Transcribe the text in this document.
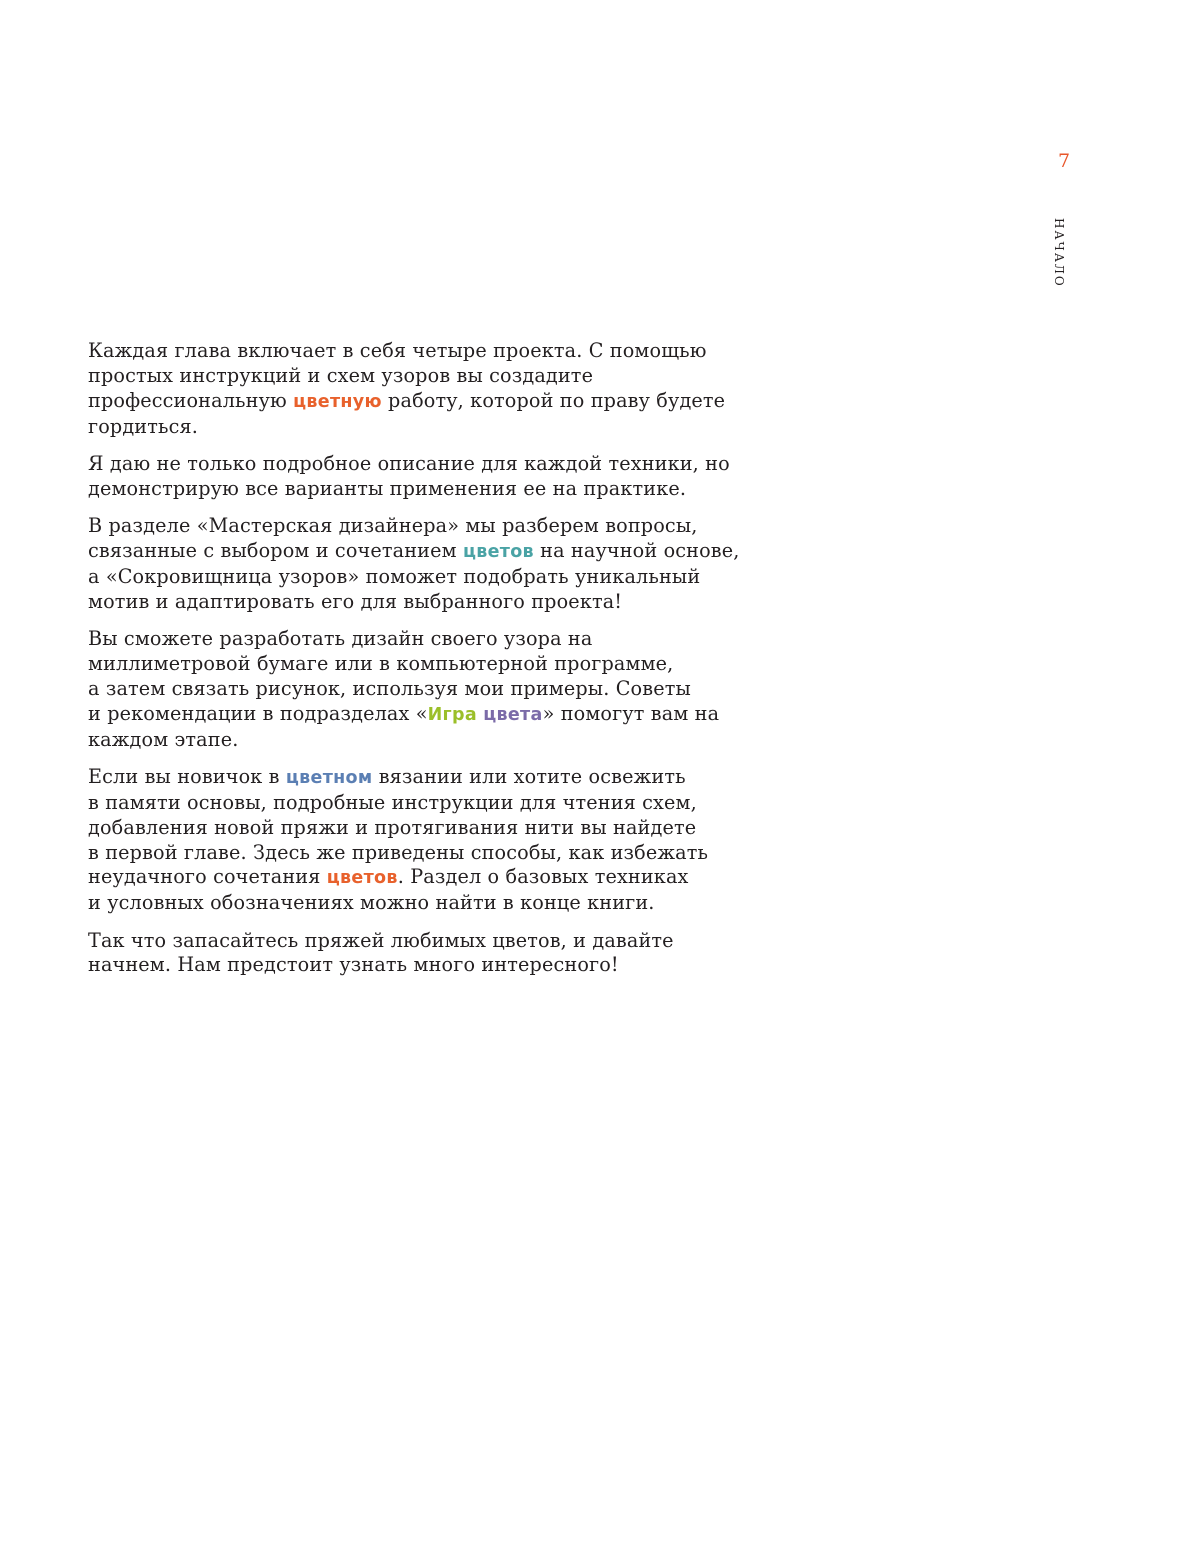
7
НАЧАЛО

Каждая глава включает в себя четыре проекта. С помощью
простых инструкций и схем узоров вы создадите
профессиональную цветную работу, которой по праву будете
гордиться.

Я даю не только подробное описание для каждой техники, но
демонстрирую все варианты применения ее на практике.

В разделе «Мастерская дизайнера» мы разберем вопросы,
связанные с выбором и сочетанием цветов на научной основе,
а «Сокровищница узоров» поможет подобрать уникальный
мотив и адаптировать его для выбранного проекта!

Вы сможете разработать дизайн своего узора на
миллиметровой бумаге или в компьютерной программе,
а затем связать рисунок, используя мои примеры. Советы
и рекомендации в подразделах «Игра цвета» помогут вам на
каждом этапе.

Если вы новичок в цветном вязании или хотите освежить
в памяти основы, подробные инструкции для чтения схем,
добавления новой пряжи и протягивания нити вы найдете
в первой главе. Здесь же приведены способы, как избежать
неудачного сочетания цветов. Раздел о базовых техниках
и условных обозначениях можно найти в конце книги.

Так что запасайтесь пряжей любимых цветов, и давайте
начнем. Нам предстоит узнать много интересного!
